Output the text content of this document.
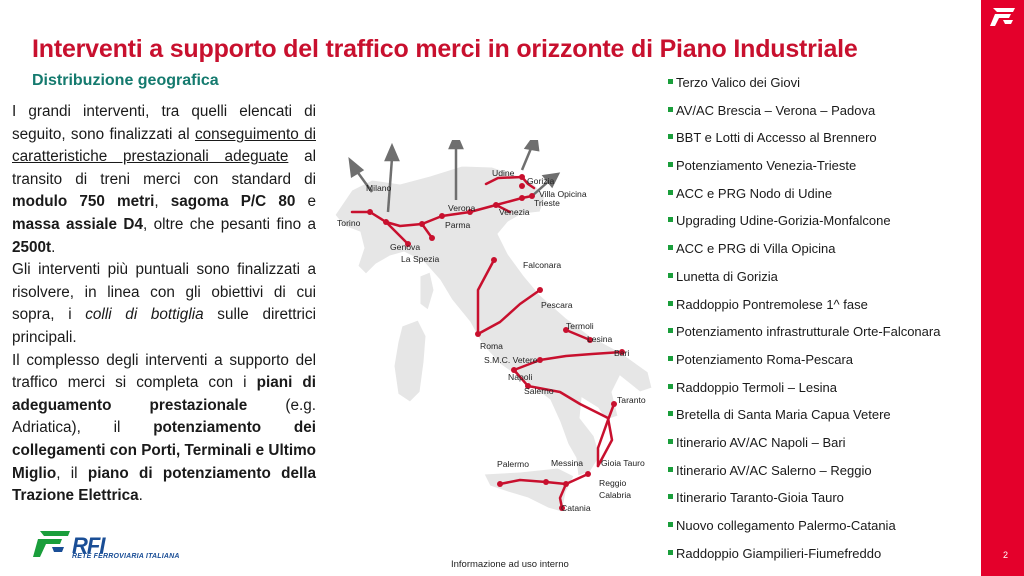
2
Interventi a supporto del traffico merci in orizzonte di Piano Industriale
Distribuzione geografica

I grandi interventi, tra quelli elencati di seguito, sono finalizzati al conseguimento di caratteristiche prestazionali adeguate al transito di treni merci con standard di modulo 750 metri, sagoma P/C 80 e massa assiale D4, oltre che pesanti fino a 2500t.

Gli interventi più puntuali sono finalizzati a risolvere, in linea con gli obiettivi di cui sopra, i colli di bottiglia sulle direttrici principali.

Il complesso degli interventi a supporto del traffico merci si completa con i piani di adeguamento prestazionale (e.g. Adriatica), il potenziamento dei collegamenti con Porti, Terminali e Ultimo Miglio, il piano di potenziamento della Trazione Elettrica.

Udine
Gorizia
Milano
Villa Opicina
Trieste
Verona	Venezia
Torino	Parma
Genova
La Spezia
Falconara
Pescara
Termoli
Lesina
Roma
Bari
S.M.C. Vetere
Napoli
Salerno
Taranto
Palermo	Messina Gioia Tauro
Reggio
Calabria
Catania
Terzo Valico dei Giovi
AV/AC Brescia – Verona – Padova
BBT e Lotti di Accesso al Brennero
Potenziamento Venezia-Trieste
ACC e PRG Nodo di Udine
Upgrading Udine-Gorizia-Monfalcone
ACC e PRG di Villa Opicina
Lunetta di Gorizia
Raddoppio Pontremolese 1^ fase
Potenziamento infrastrutturale Orte-Falconara
Potenziamento Roma-Pescara
Raddoppio Termoli – Lesina
Bretella di Santa Maria Capua Vetere
Itinerario AV/AC Napoli – Bari
Itinerario AV/AC Salerno – Reggio
Itinerario Taranto-Gioia Tauro
Nuovo collegamento Palermo-Catania
Raddoppio Giampilieri-Fiumefreddo
RFI
RETE FERROVIARIA ITALIANA
Informazione ad uso interno
